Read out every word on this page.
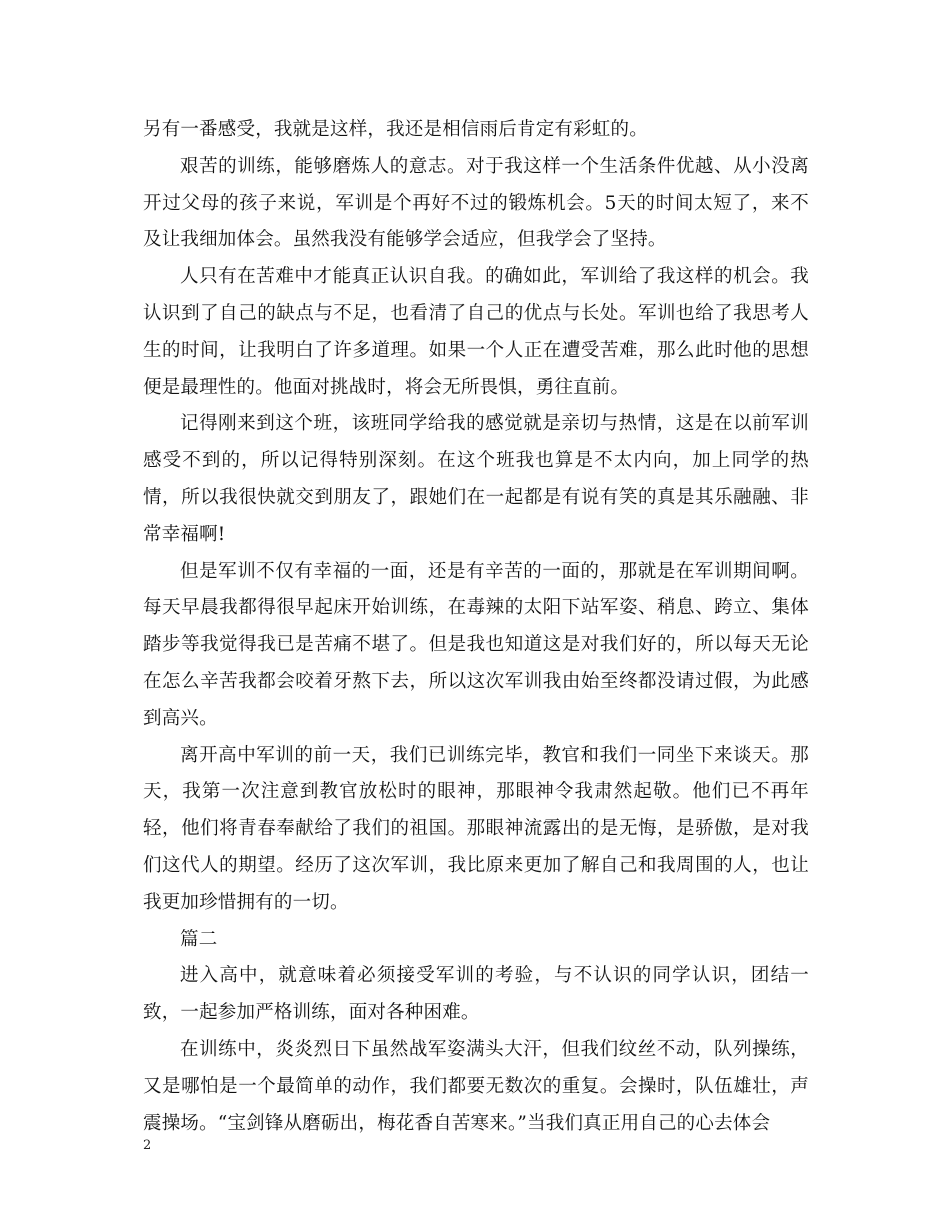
另有一番感受，我就是这样，我还是相信雨后肯定有彩虹的。

艰苦的训练，能够磨炼人的意志。对于我这样一个生活条件优越、从小没离开过父母的孩子来说，军训是个再好不过的锻炼机会。5天的时间太短了，来不及让我细加体会。虽然我没有能够学会适应，但我学会了坚持。

人只有在苦难中才能真正认识自我。的确如此，军训给了我这样的机会。我认识到了自己的缺点与不足，也看清了自己的优点与长处。军训也给了我思考人生的时间，让我明白了许多道理。如果一个人正在遭受苦难，那么此时他的思想便是最理性的。他面对挑战时，将会无所畏惧，勇往直前。

记得刚来到这个班，该班同学给我的感觉就是亲切与热情，这是在以前军训感受不到的，所以记得特别深刻。在这个班我也算是不太内向，加上同学的热情，所以我很快就交到朋友了，跟她们在一起都是有说有笑的真是其乐融融、非常幸福啊!

但是军训不仅有幸福的一面，还是有辛苦的一面的，那就是在军训期间啊。每天早晨我都得很早起床开始训练，在毒辣的太阳下站军姿、稍息、跨立、集体踏步等我觉得我已是苦痛不堪了。但是我也知道这是对我们好的，所以每天无论在怎么辛苦我都会咬着牙熬下去，所以这次军训我由始至终都没请过假，为此感到高兴。

离开高中军训的前一天，我们已训练完毕，教官和我们一同坐下来谈天。那天，我第一次注意到教官放松时的眼神，那眼神令我肃然起敬。他们已不再年轻，他们将青春奉献给了我们的祖国。那眼神流露出的是无悔，是骄傲，是对我们这代人的期望。经历了这次军训，我比原来更加了解自己和我周围的人，也让我更加珍惜拥有的一切。

篇二

进入高中，就意味着必须接受军训的考验，与不认识的同学认识，团结一致，一起参加严格训练，面对各种困难。

在训练中，炎炎烈日下虽然战军姿满头大汗，但我们纹丝不动，队列操练，又是哪怕是一个最简单的动作，我们都要无数次的重复。会操时，队伍雄壮，声震操场。“宝剑锋从磨砺出，梅花香自苦寒来。”当我们真正用自己的心去体会

2
